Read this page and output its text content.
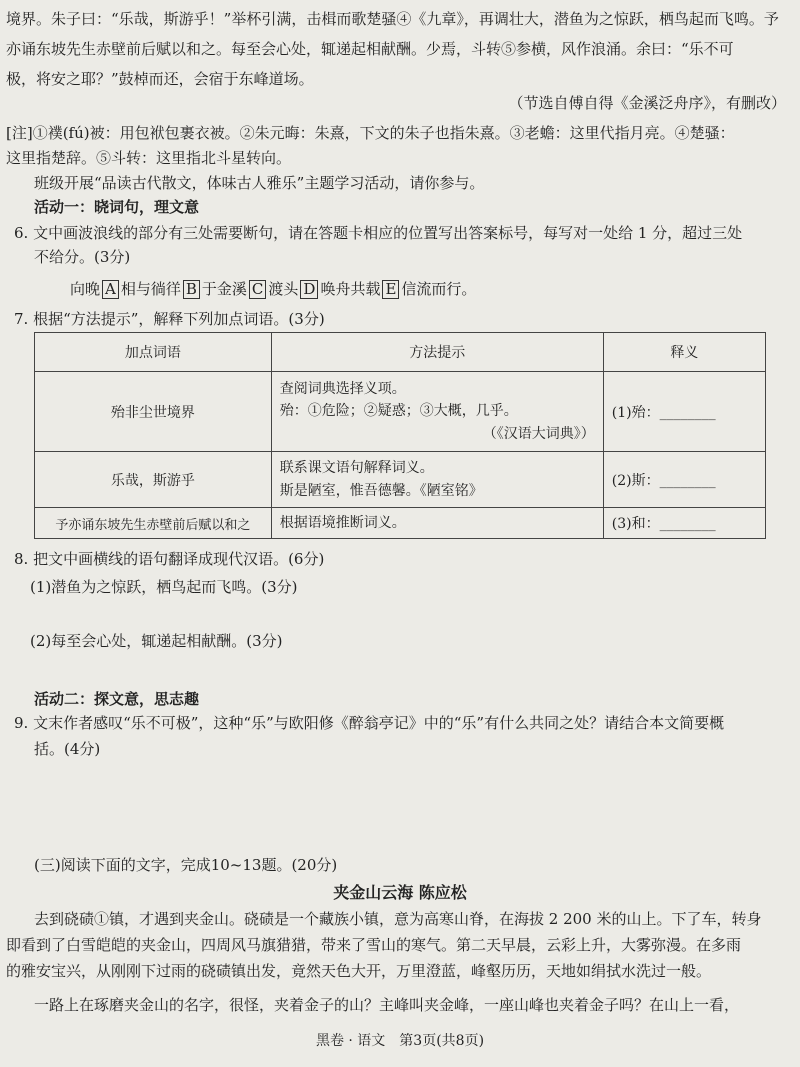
境界。朱子曰：“乐哉，斯游乎！”举杯引满，击楫而歌楚骚④《九章》，再调壮大，潜鱼为之惊跃，栖鸟起而飞鸣。予
亦诵东坡先生赤壁前后赋以和之。每至会心处，辄递起相献酬。少焉，斗转⑤参横，风作浪涌。余曰：“乐不可
极，将安之耶？”鼓棹而还，会宿于东峰道场。
（节选自傅自得《金溪泛舟序》，有删改）
[注]①襆(fú)被：用包袱包裹衣被。②朱元晦：朱熹，下文的朱子也指朱熹。③老蟾：这里代指月亮。④楚骚：
这里指楚辞。⑤斗转：这里指北斗星转向。
班级开展“品读古代散文，体味古人雅乐”主题学习活动，请你参与。
活动一：晓词句，理文意
6. 文中画波浪线的部分有三处需要断句，请在答题卡相应的位置写出答案标号，每写对一处给 1 分，超过三处
不给分。(3分)
向晚 A 相与徜徉 B 于金溪 C 渡头 D 唤舟共载 E 信流而行。
7. 根据“方法提示”，解释下列加点词语。(3分)
加点词语	方法提示	释义
殆非尘世境界	查阅词典选择义项。
殆：①危险；②疑惑；③大概，几乎。
（《汉语大词典》）	(1)殆：________
乐哉，斯游乎	联系课文语句解释词义。
斯是陋室，惟吾德馨。《陋室铭》	(2)斯：________
予亦诵东坡先生赤壁前后赋以和之	根据语境推断词义。	(3)和：________
8. 把文中画横线的语句翻译成现代汉语。(6分)
(1)潜鱼为之惊跃，栖鸟起而飞鸣。(3分)
(2)每至会心处，辄递起相献酬。(3分)
活动二：探文意，思志趣
9. 文末作者感叹“乐不可极”，这种“乐”与欧阳修《醉翁亭记》中的“乐”有什么共同之处？请结合本文简要概
括。(4分)
(三)阅读下面的文字，完成10~13题。(20分)
夹金山云海 陈应松
去到硗碛①镇，才遇到夹金山。硗碛是一个藏族小镇，意为高寒山脊，在海拔 2 200 米的山上。下了车，转身
即看到了白雪皑皑的夹金山，四周风马旗猎猎，带来了雪山的寒气。第二天早晨，云彩上升，大雾弥漫。在多雨
的雅安宝兴，从刚刚下过雨的硗碛镇出发，竟然天色大开，万里澄蓝，峰壑历历，天地如绢拭水洗过一般。
一路上在琢磨夹金山的名字，很怪，夹着金子的山？主峰叫夹金峰，一座山峰也夹着金子吗？在山上一看，
黑卷 · 语文　第3页(共8页)
